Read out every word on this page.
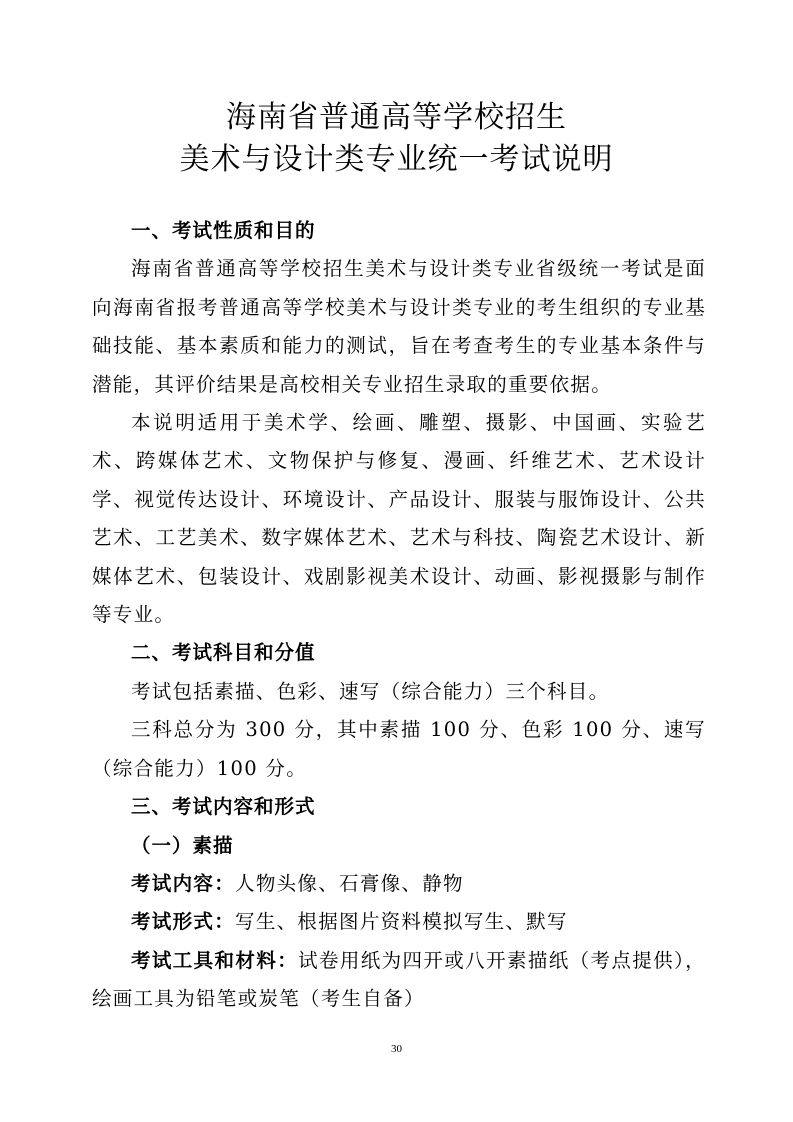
海南省普通高等学校招生
美术与设计类专业统一考试说明
一、考试性质和目的

海南省普通高等学校招生美术与设计类专业省级统一考试是面向海南省报考普通高等学校美术与设计类专业的考生组织的专业基础技能、基本素质和能力的测试，旨在考查考生的专业基本条件与潜能，其评价结果是高校相关专业招生录取的重要依据。

本说明适用于美术学、绘画、雕塑、摄影、中国画、实验艺术、跨媒体艺术、文物保护与修复、漫画、纤维艺术、艺术设计学、视觉传达设计、环境设计、产品设计、服装与服饰设计、公共艺术、工艺美术、数字媒体艺术、艺术与科技、陶瓷艺术设计、新媒体艺术、包装设计、戏剧影视美术设计、动画、影视摄影与制作等专业。

二、考试科目和分值

考试包括素描、色彩、速写（综合能力）三个科目。

三科总分为 300 分，其中素描 100 分、色彩 100 分、速写（综合能力）100 分。

三、考试内容和形式
（一）素描

考试内容：人物头像、石膏像、静物

考试形式：写生、根据图片资料模拟写生、默写

考试工具和材料：试卷用纸为四开或八开素描纸（考点提供），绘画工具为铅笔或炭笔（考生自备）

30
